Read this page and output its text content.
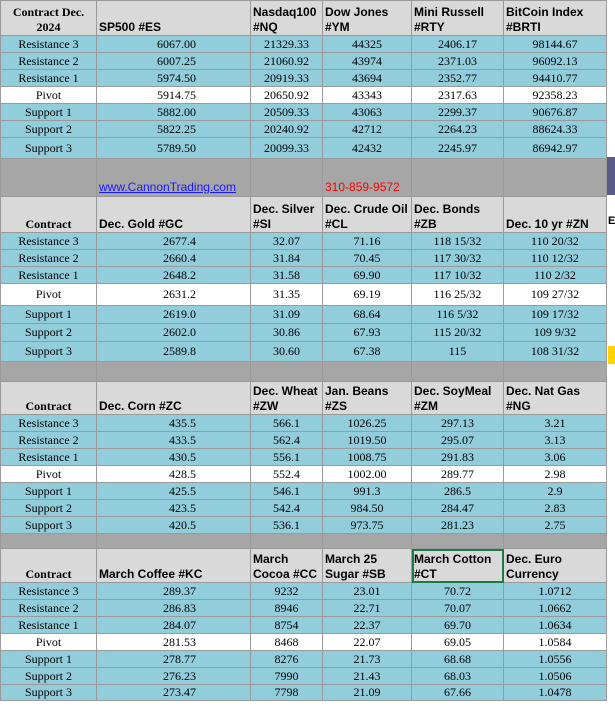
Contract Dec. 2024	SP500 #ES	Nasdaq100 #NQ	Dow Jones #YM	Mini Russell #RTY	BitCoin Index #BRTI
Resistance 3	6067.00	21329.33	44325	2406.17	98144.67
Resistance 2	6007.25	21060.92	43974	2371.03	96092.13
Resistance 1	5974.50	20919.33	43694	2352.77	94410.77
Pivot	5914.75	20650.92	43343	2317.63	92358.23
Support 1	5882.00	20509.33	43063	2299.37	90676.87
Support 2	5822.25	20240.92	42712	2264.23	88624.33
Support 3	5789.50	20099.33	42432	2245.97	86942.97
	www.CannonTrading.com		310-859-9572		
Contract	Dec. Gold #GC	Dec. Silver #SI	Dec. Crude Oil #CL	Dec. Bonds #ZB	Dec. 10 yr #ZN
Resistance 3	2677.4	32.07	71.16	118 15/32	110 20/32
Resistance 2	2660.4	31.84	70.45	117 30/32	110 12/32
Resistance 1	2648.2	31.58	69.90	117 10/32	110 2/32
Pivot	2631.2	31.35	69.19	116 25/32	109 27/32
Support 1	2619.0	31.09	68.64	116 5/32	109 17/32
Support 2	2602.0	30.86	67.93	115 20/32	109 9/32
Support 3	2589.8	30.60	67.38	115	108 31/32

Contract	Dec. Corn #ZC	Dec. Wheat #ZW	Jan. Beans #ZS	Dec. SoyMeal #ZM	Dec. Nat Gas #NG
Resistance 3	435.5	566.1	1026.25	297.13	3.21
Resistance 2	433.5	562.4	1019.50	295.07	3.13
Resistance 1	430.5	556.1	1008.75	291.83	3.06
Pivot	428.5	552.4	1002.00	289.77	2.98
Support 1	425.5	546.1	991.3	286.5	2.9
Support 2	423.5	542.4	984.50	284.47	2.83
Support 3	420.5	536.1	973.75	281.23	2.75

Contract	March Coffee #KC	March Cocoa #CC	March 25 Sugar #SB	March Cotton #CT	Dec. Euro Currency
Resistance 3	289.37	9232	23.01	70.72	1.0712
Resistance 2	286.83	8946	22.71	70.07	1.0662
Resistance 1	284.07	8754	22.37	69.70	1.0634
Pivot	281.53	8468	22.07	69.05	1.0584
Support 1	278.77	8276	21.73	68.68	1.0556
Support 2	276.23	7990	21.43	68.03	1.0506
Support 3	273.47	7798	21.09	67.66	1.0478
E
